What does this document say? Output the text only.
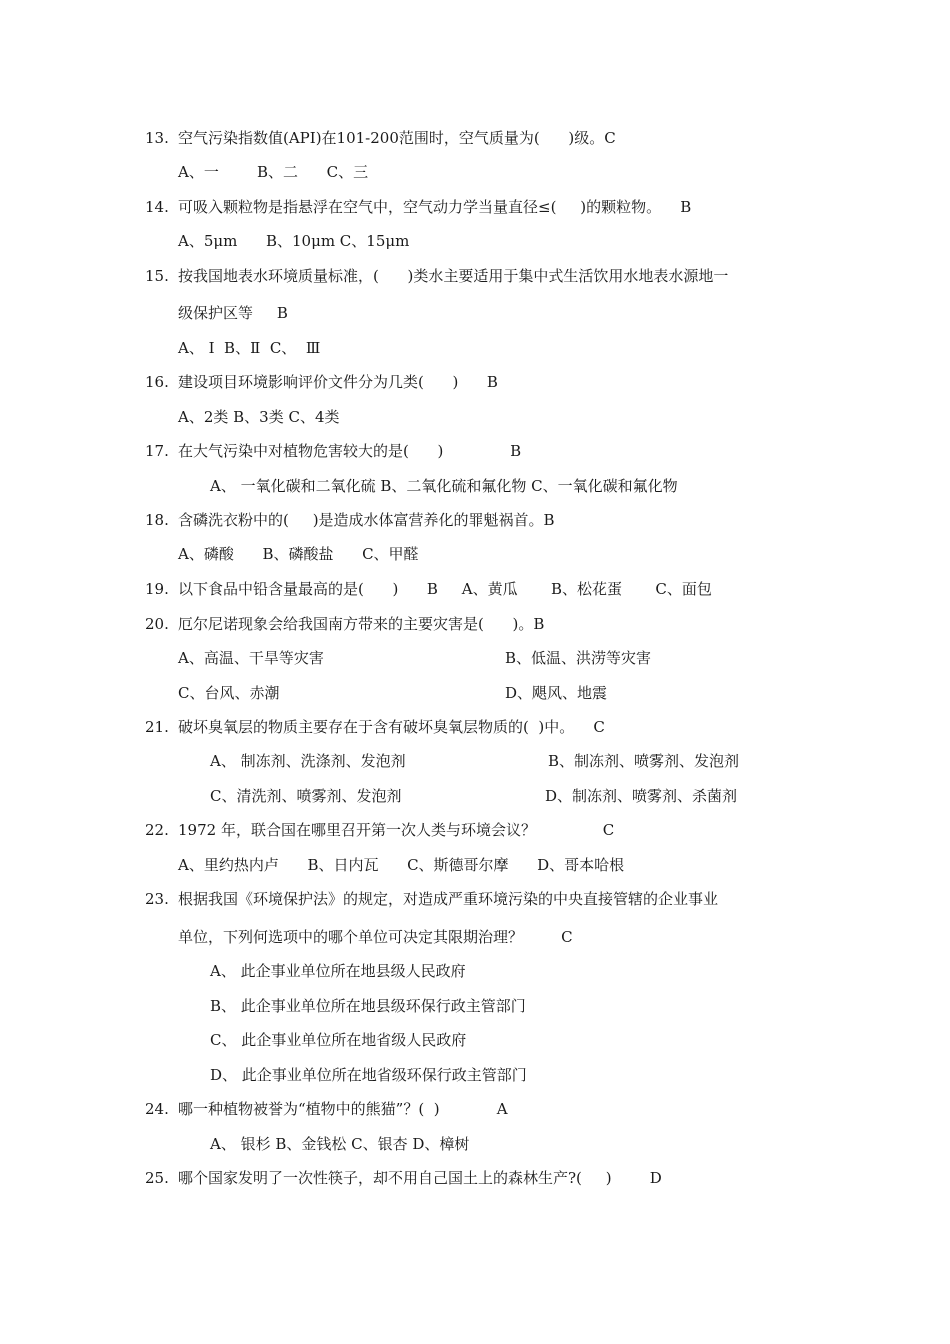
13. 空气污染指数值(API)在101-200范围时，空气质量为(      )级。C
A、一        B、二      C、三
14. 可吸入颗粒物是指悬浮在空气中，空气动力学当量直径≤(     )的颗粒物。    B
A、5μm      B、10μm C、15μm
15. 按我国地表水环境质量标准，(      )类水主要适用于集中式生活饮用水地表水源地一
级保护区等     B
A、 Ⅰ  B、Ⅱ  C、  Ⅲ
16. 建设项目环境影响评价文件分为几类(      )      B
A、2类 B、3类 C、4类
17. 在大气污染中对植物危害较大的是(      )              B
A、 一氧化碳和二氧化硫 B、二氧化硫和氟化物 C、一氧化碳和氟化物
18. 含磷洗衣粉中的(     )是造成水体富营养化的罪魁祸首。B
A、磷酸      B、磷酸盐      C、甲醛
19. 以下食品中铅含量最高的是(      )      B     A、黄瓜       B、松花蛋       C、面包
20. 厄尔尼诺现象会给我国南方带来的主要灾害是(      )。B
A、高温、干旱等灾害	B、低温、洪涝等灾害
C、台风、赤潮	D、飓风、地震
21. 破坏臭氧层的物质主要存在于含有破坏臭氧层物质的(  )中。    C
A、 制冻剂、洗涤剂、发泡剂	B、制冻剂、喷雾剂、发泡剂
C、清洗剂、喷雾剂、发泡剂	D、制冻剂、喷雾剂、杀菌剂
22. 1972 年，联合国在哪里召开第一次人类与环境会议？              C
A、里约热内卢      B、日内瓦      C、斯德哥尔摩      D、哥本哈根
23. 根据我国《环境保护法》的规定，对造成严重环境污染的中央直接管辖的企业事业
单位，下列何选项中的哪个单位可决定其限期治理？        C
A、 此企事业单位所在地县级人民政府
B、 此企事业单位所在地县级环保行政主管部门
C、 此企事业单位所在地省级人民政府
D、 此企事业单位所在地省级环保行政主管部门
24. 哪一种植物被誉为“植物中的熊猫”？(  )            A
A、 银杉 B、金钱松 C、银杏 D、樟树
25. 哪个国家发明了一次性筷子，却不用自己国土上的森林生产?(     )        D
